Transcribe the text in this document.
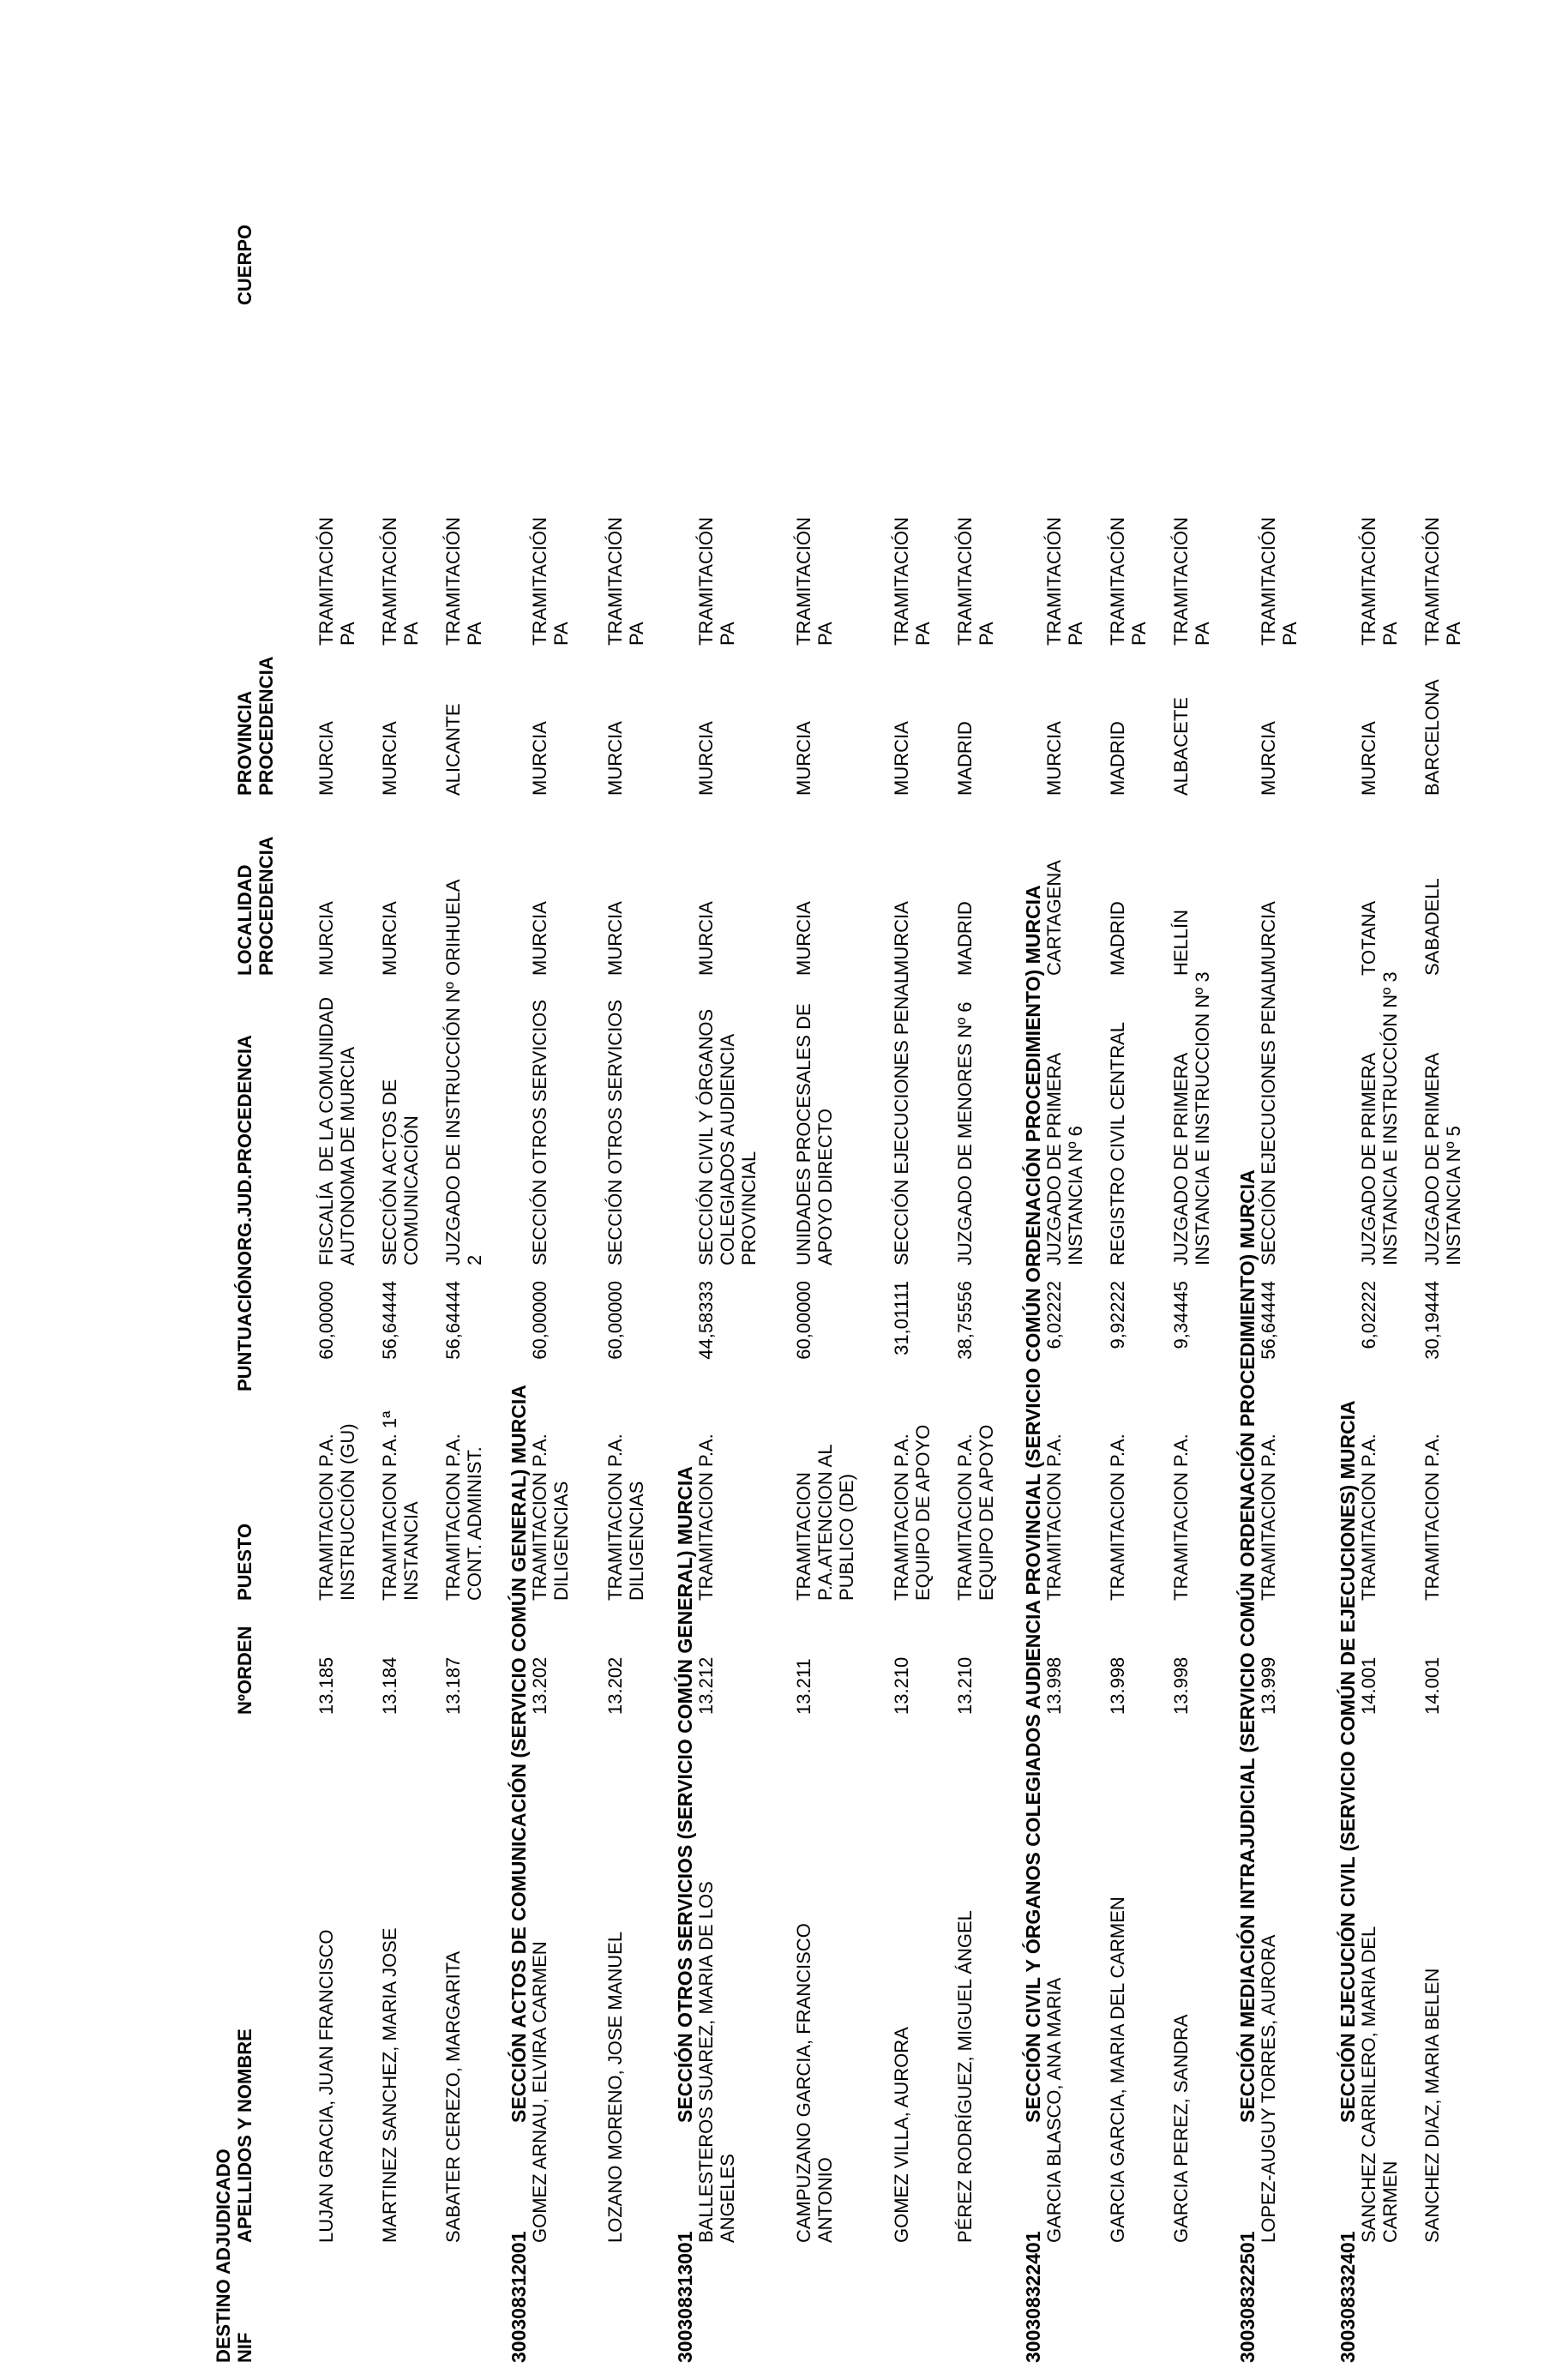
DESTINO ADJUDICADO NIF
APELLIDOS Y NOMBRE
NºORDEN
PUESTO
PUNTUACIÓN
ORG.JUD.PROCEDENCIA
LOCALIDAD
PROCEDENCIA
PROVINCIA
PROCEDENCIA
CUERPO
300308312001
SECCIÓN ACTOS DE COMUNICACIÓN (SERVICIO COMÚN GENERAL) MURCIA
300308313001
SECCIÓN OTROS SERVICIOS (SERVICIO COMÚN GENERAL) MURCIA
300308322401
SECCIÓN CIVIL Y ÓRGANOS COLEGIADOS AUDIENCIA PROVINCIAL (SERVICIO COMÚN ORDENACIÓN PROCEDIMIENTO) MURCIA
300308322501
SECCIÓN MEDIACIÓN INTRAJUDICIAL (SERVICIO COMÚN ORDENACIÓN PROCEDIMIENTO) MURCIA
300308332401
SECCIÓN EJECUCIÓN CIVIL (SERVICIO COMÚN DE EJECUCIONES) MURCIA
LUJAN GRACIA, JUAN FRANCISCO
13.185
TRAMITACION P.A.
INSTRUCCIÓN (GU)
60,00000
FISCALÍA  DE LA COMUNIDAD
AUTONOMA DE MURCIA
MURCIA
MURCIA
TRAMITACIÓN
PA
MARTINEZ SANCHEZ, MARIA JOSE
13.184
TRAMITACION P.A. 1ª
INSTANCIA
56,64444
SECCIÓN ACTOS DE
COMUNICACIÓN
MURCIA
MURCIA
TRAMITACIÓN
PA
SABATER CEREZO, MARGARITA
13.187
TRAMITACION P.A.
CONT. ADMINIST.
56,64444
JUZGADO DE INSTRUCCIÓN Nº
2
ORIHUELA
ALICANTE
TRAMITACIÓN
PA
GOMEZ ARNAU, ELVIRA CARMEN
13.202
TRAMITACION P.A.
DILIGENCIAS
60,00000
SECCIÓN OTROS SERVICIOS
MURCIA
MURCIA
TRAMITACIÓN
PA
LOZANO MORENO, JOSE MANUEL
13.202
TRAMITACION P.A.
DILIGENCIAS
60,00000
SECCIÓN OTROS SERVICIOS
MURCIA
MURCIA
TRAMITACIÓN
PA
BALLESTEROS SUAREZ, MARIA DE LOS
ANGELES
13.212
TRAMITACION P.A.
44,58333
SECCIÓN CIVIL Y ÓRGANOS
COLEGIADOS AUDIENCIA
PROVINCIAL
MURCIA
MURCIA
TRAMITACIÓN
PA
CAMPUZANO GARCIA, FRANCISCO
ANTONIO
13.211
TRAMITACION
P.A.ATENCION AL
PUBLICO (DE)
60,00000
UNIDADES PROCESALES DE
APOYO DIRECTO
MURCIA
MURCIA
TRAMITACIÓN
PA
GOMEZ VILLA, AURORA
13.210
TRAMITACION P.A.
EQUIPO DE APOYO
31,01111
SECCIÓN EJECUCIONES PENAL
MURCIA
MURCIA
TRAMITACIÓN
PA
PÉREZ RODRÍGUEZ, MIGUEL ÁNGEL
13.210
TRAMITACION P.A.
EQUIPO DE APOYO
38,75556
JUZGADO DE MENORES Nº 6
MADRID
MADRID
TRAMITACIÓN
PA
GARCIA BLASCO, ANA MARIA
13.998
TRAMITACION P.A.
6,02222
JUZGADO DE PRIMERA
INSTANCIA Nº 6
CARTAGENA
MURCIA
TRAMITACIÓN
PA
GARCIA GARCIA, MARIA DEL CARMEN
13.998
TRAMITACION P.A.
9,92222
REGISTRO CIVIL CENTRAL
MADRID
MADRID
TRAMITACIÓN
PA
GARCIA PEREZ, SANDRA
13.998
TRAMITACION P.A.
9,34445
JUZGADO DE PRIMERA
INSTANCIA E INSTRUCCION Nº 3
HELLÍN
ALBACETE
TRAMITACIÓN
PA
LOPEZ-AUGUY TORRES, AURORA
13.999
TRAMITACION P.A.
56,64444
SECCIÓN EJECUCIONES PENAL
MURCIA
MURCIA
TRAMITACIÓN
PA
SANCHEZ CARRILERO, MARIA DEL
CARMEN
14.001
TRAMITACION P.A.
6,02222
JUZGADO DE PRIMERA
INSTANCIA E INSTRUCCIÓN Nº 3
TOTANA
MURCIA
TRAMITACIÓN
PA
SANCHEZ DIAZ, MARIA BELEN
14.001
TRAMITACION P.A.
30,19444
JUZGADO DE PRIMERA
INSTANCIA Nº 5
SABADELL
BARCELONA
TRAMITACIÓN
PA
